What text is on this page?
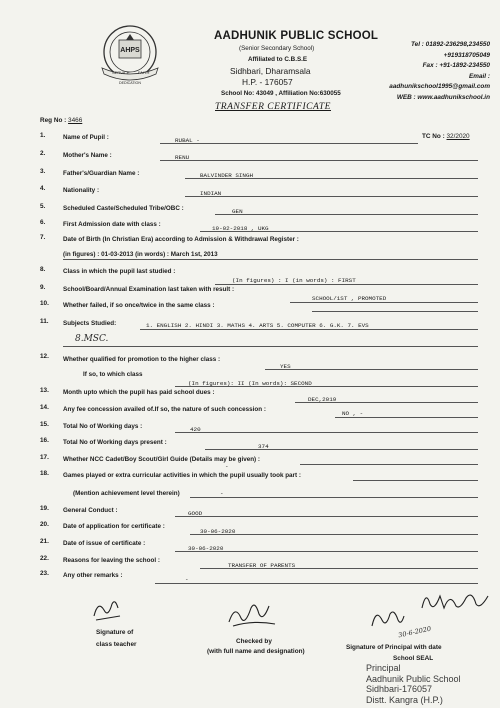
AHPS
SERVICE FAITH
DEDICATION
AADHUNIK PUBLIC SCHOOL
(Senior Secondary School)
Affiliated to C.B.S.E
Sidhbari, Dharamsala
H.P. - 176057
School No: 43049 , Affiliation No:630055
Tel : 01892-236298,234550
+919318705049
Fax : +91-1892-234550
Email :
aadhunikschool1995@gmail.com
WEB : www.aadhunikschool.in
TRANSFER CERTIFICATE
Reg No : 3466
TC No : 32/2020
1.	Name of Pupil :	RUBAL -
2.	Mother's Name :	RENU
3.	Father's/Guardian Name :	BALVINDER SINGH
4.	Nationality :	INDIAN
5.	Scheduled Caste/Scheduled Tribe/OBC :	GEN
6.	First Admission date with class :
19-02-2018 , UKG
7.	Date of Birth (In Christian Era) according to Admission & Withdrawal Register :
(in figures) : 01-03-2013 (in words) : March 1st, 2013
8.	Class in which the pupil last studied :
(In figures) : I (in words) : FIRST
9.	School/Board/Annual Examination last taken with result :
SCHOOL/1ST , PROMOTED
10. Whether failed, if so once/twice in the same class :
11. Subjects Studied:	1. ENGLISH 2. HINDI 3. MATHS 4. ARTS 5. COMPUTER 6. G.K. 7. EVS
8.MSC.
12. Whether qualified for promotion to the higher class :
YES
If so, to which class
(In figures): II (In words): SECOND
13. Month upto which the pupil has paid school dues :
DEC,2019
14. Any fee concession availed of.If so, the nature of such concession :
NO , -
15. Total No of Working days :	420
16. Total No of Working days present :
374
17. Whether NCC Cadet/Boy Scout/Girl Guide (Details may be given) :
-
18. Games played or extra curricular activities in which the pupil usually took part :
(Mention achievement level therein)	-
19. General Conduct :	GOOD
20. Date of application for certificate :
30-06-2020
21. Date of issue of certificate :
30-06-2020
22. Reasons for leaving the school :
TRANSFER OF PARENTS
23. Any other remarks :
-
30-6-2020
Signature of
class teacher	Checked by
(with full name and designation)
Signature of Principal with date
School SEAL
Principal
Aadhunik Public School
Sidhbari-176057
Distt. Kangra (H.P.)
